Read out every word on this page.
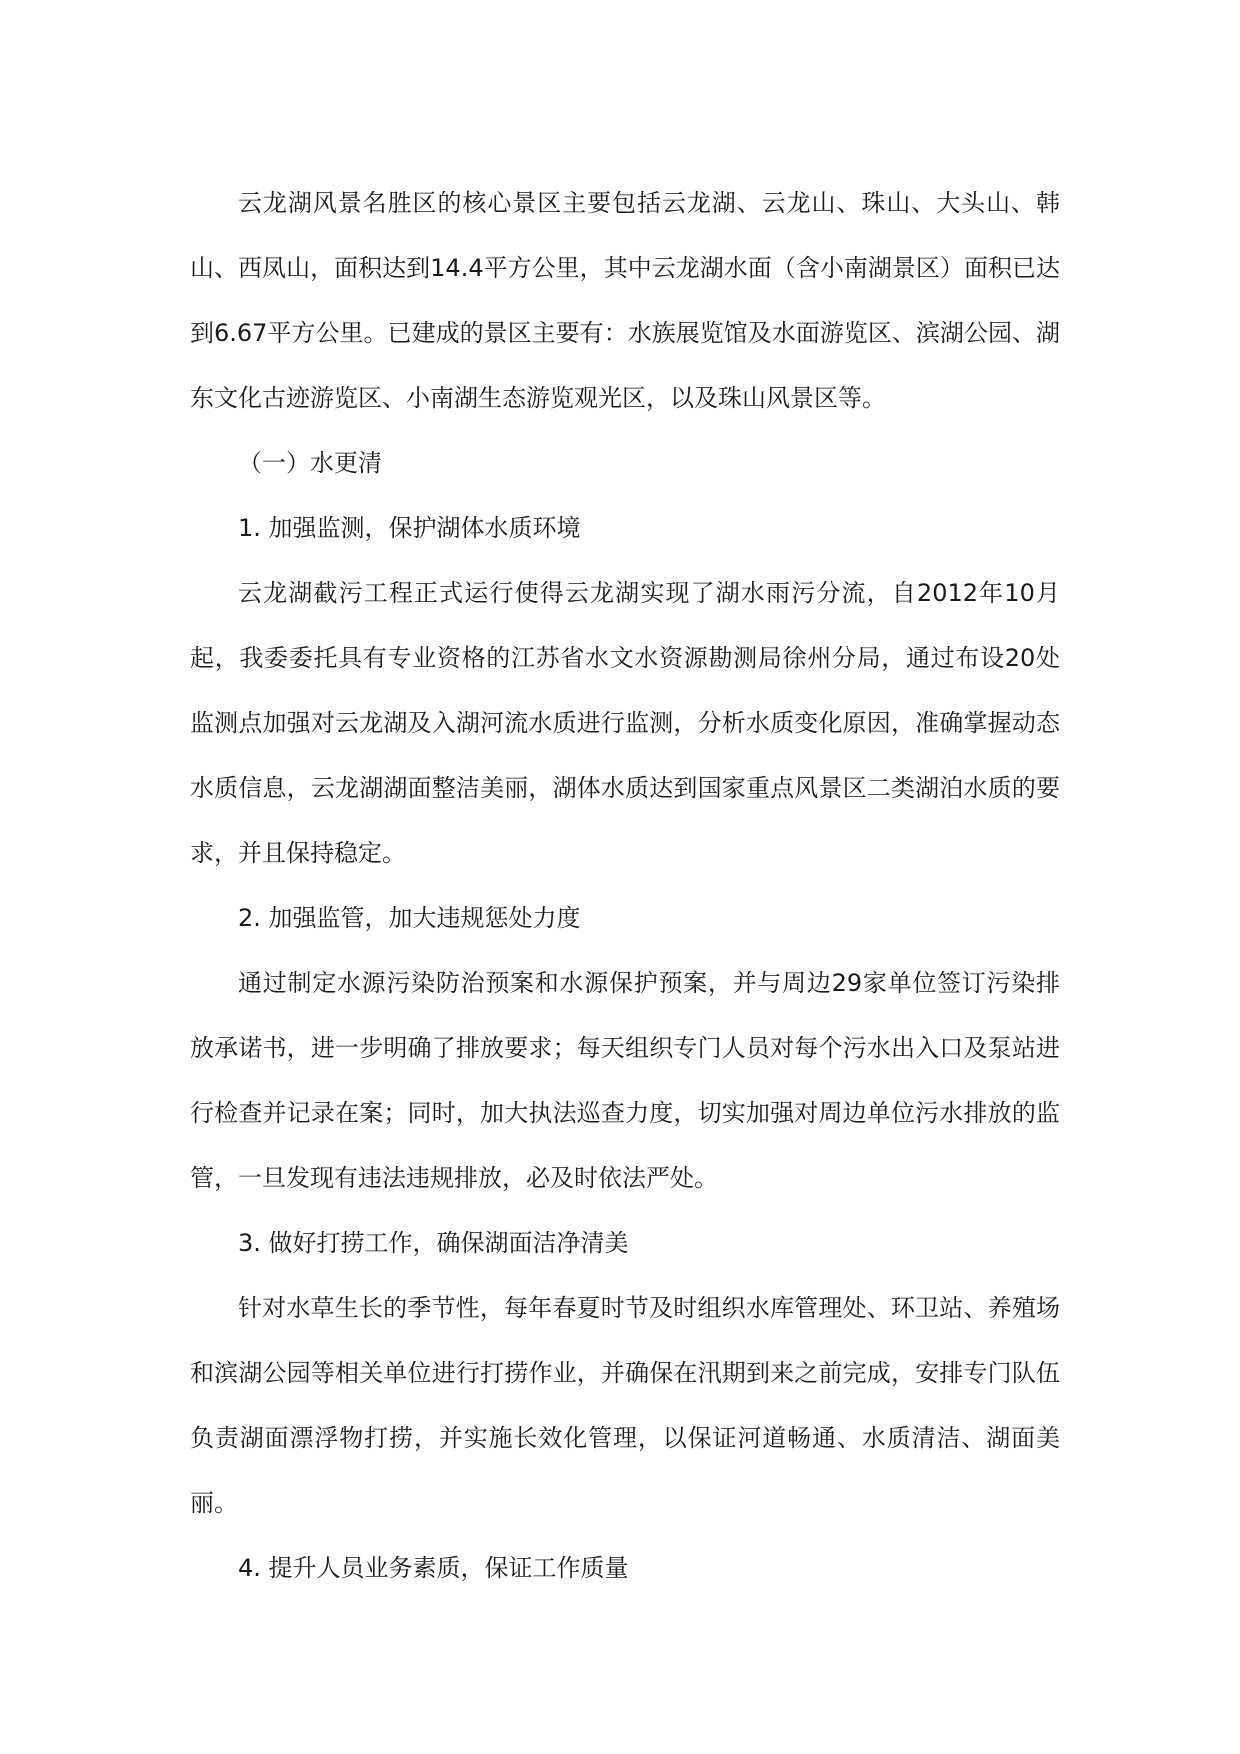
云龙湖风景名胜区的核心景区主要包括云龙湖、云龙山、珠山、大头山、韩山、西凤山，面积达到14.4平方公里，其中云龙湖水面（含小南湖景区）面积已达到6.67平方公里。已建成的景区主要有：水族展览馆及水面游览区、滨湖公园、湖东文化古迹游览区、小南湖生态游览观光区，以及珠山风景区等。

（一）水更清

1. 加强监测，保护湖体水质环境

云龙湖截污工程正式运行使得云龙湖实现了湖水雨污分流，自2012年10月起，我委委托具有专业资格的江苏省水文水资源勘测局徐州分局，通过布设20处监测点加强对云龙湖及入湖河流水质进行监测，分析水质变化原因，准确掌握动态水质信息，云龙湖湖面整洁美丽，湖体水质达到国家重点风景区二类湖泊水质的要求，并且保持稳定。

2. 加强监管，加大违规惩处力度

通过制定水源污染防治预案和水源保护预案，并与周边29家单位签订污染排放承诺书，进一步明确了排放要求；每天组织专门人员对每个污水出入口及泵站进行检查并记录在案；同时，加大执法巡查力度，切实加强对周边单位污水排放的监管，一旦发现有违法违规排放，必及时依法严处。

3. 做好打捞工作，确保湖面洁净清美

针对水草生长的季节性，每年春夏时节及时组织水库管理处、环卫站、养殖场和滨湖公园等相关单位进行打捞作业，并确保在汛期到来之前完成，安排专门队伍负责湖面漂浮物打捞，并实施长效化管理，以保证河道畅通、水质清洁、湖面美丽。

4. 提升人员业务素质，保证工作质量
